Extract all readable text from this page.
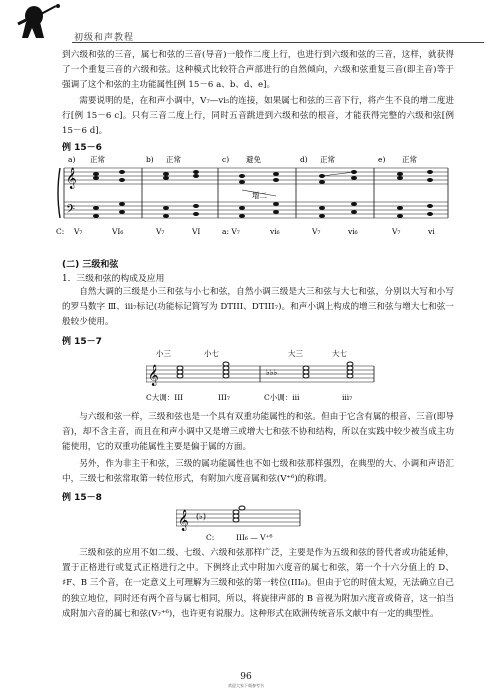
初级和声教程
到六级和弦的三音，属七和弦的三音(导音)一般作二度上行，也进行到六级和弦的三音，这样，就获得了一个重复三音的六级和弦。这种模式比较符合声部进行的自然倾向，六级和弦重复三音(即主音)等于强调了这个和弦的主功能属性[例 15－6 a、b、d、e]。
需要说明的是，在和声小调中，V₇—vi₅的连接，如果属七和弦的三音下行，将产生不良的增二度进行[例 15－6 c]。只有三音二度上行，同时五音跳进到六级和弦的根音，才能获得完整的六级和弦[例 15－6 d]。
例 15－6
𝄞
𝄢
a) 正常	b) 正常	c) 避免	d) 正常	e) 正常
增二
C: V₇	VI₆	V₇	VI	a: V₇	vi₆	V₇	vi₆	V₇	vi
(二) 三级和弦
1．三级和弦的构成及应用
自然大调的三级是小三和弦与小七和弦，自然小调三级是大三和弦与大七和弦，分别以大写和小写的罗马数字 Ⅲ、iii₇标记(功能标记简写为 DTIII、DTIII₇)。和声小调上构成的增三和弦与增大七和弦一般较少使用。
例 15－7
小三	小七	大三	大七
𝄞	♭♭♭
C大调：III	III₇	C小调：iii	iii₇
与六级和弦一样，三级和弦也是一个具有双重功能属性的和弦。但由于它含有属的根音、三音(即导音)，却不含主音，而且在和声小调中又是增三或增大七和弦不协和结构，所以在实践中较少被当成主功能使用，它的双重功能属性主要是偏于属的方面。
另外，作为非主干和弦，三级的属功能属性也不如七级和弦那样强烈，在典型的大、小调和声语汇中，三级七和弦常取第一转位形式，有附加六度音属和弦(V⁺⁶)的称谓。
例 15－8
𝄞 (♭)
C:	III₆ — V⁺⁶
三级和弦的应用不如二级、七级、六级和弦那样广泛，主要是作为五级和弦的替代者或功能延伸，置于正格进行或复式正格进行之中。下例终止式中附加六度音的属七和弦，第一个十六分值上的 D、♯F、B 三个音，在一定意义上可理解为三级和弦的第一转位(III₆)。但由于它的时值太短，无法确立自己的独立地位，同时还有两个音与属七相同，所以，将旋律声部的 B 音视为附加六度音或倚音，这一拍当成附加六音的属七和弦(V₇⁺⁶)，也许更有说服力。这种形式在欧洲传统音乐文献中有一定的典型性。
96
欢迎大家下载参考书
